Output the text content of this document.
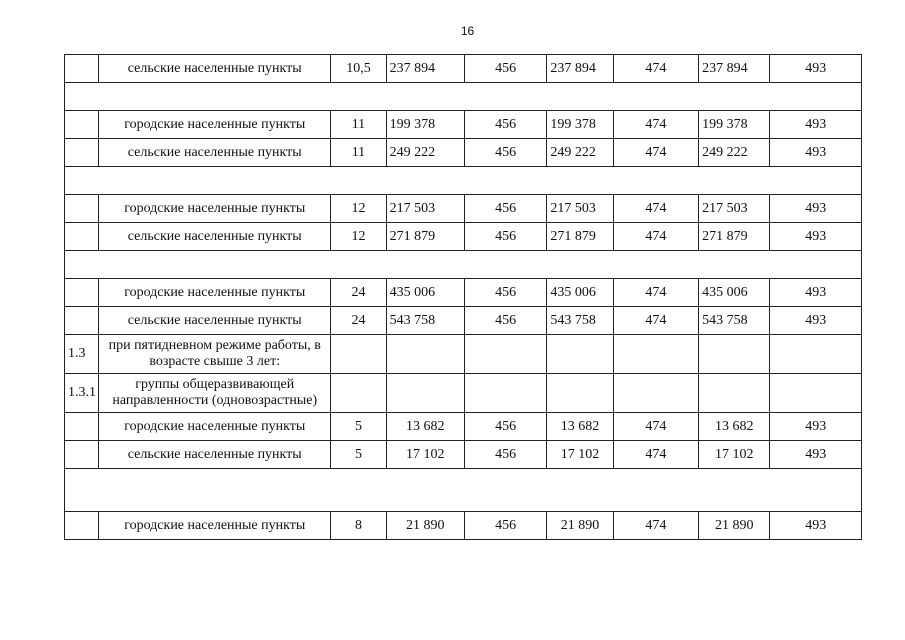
16
	сельские населенные пункты	10,5	237 894	456	237 894	474	237 894	493

	городские населенные пункты	11	199 378	456	199 378	474	199 378	493
	сельские населенные пункты	11	249 222	456	249 222	474	249 222	493

	городские населенные пункты	12	217 503	456	217 503	474	217 503	493
	сельские населенные пункты	12	271 879	456	271 879	474	271 879	493

	городские населенные пункты	24	435 006	456	435 006	474	435 006	493
	сельские населенные пункты	24	543 758	456	543 758	474	543 758	493
1.3	при пятидневном режиме работы, в возрасте свыше 3 лет:							
1.3.1	группы общеразвивающей направленности (одновозрастные)							
	городские населенные пункты	5	13 682	456	13 682	474	13 682	493
	сельские населенные пункты	5	17 102	456	17 102	474	17 102	493

	городские населенные пункты	8	21 890	456	21 890	474	21 890	493
